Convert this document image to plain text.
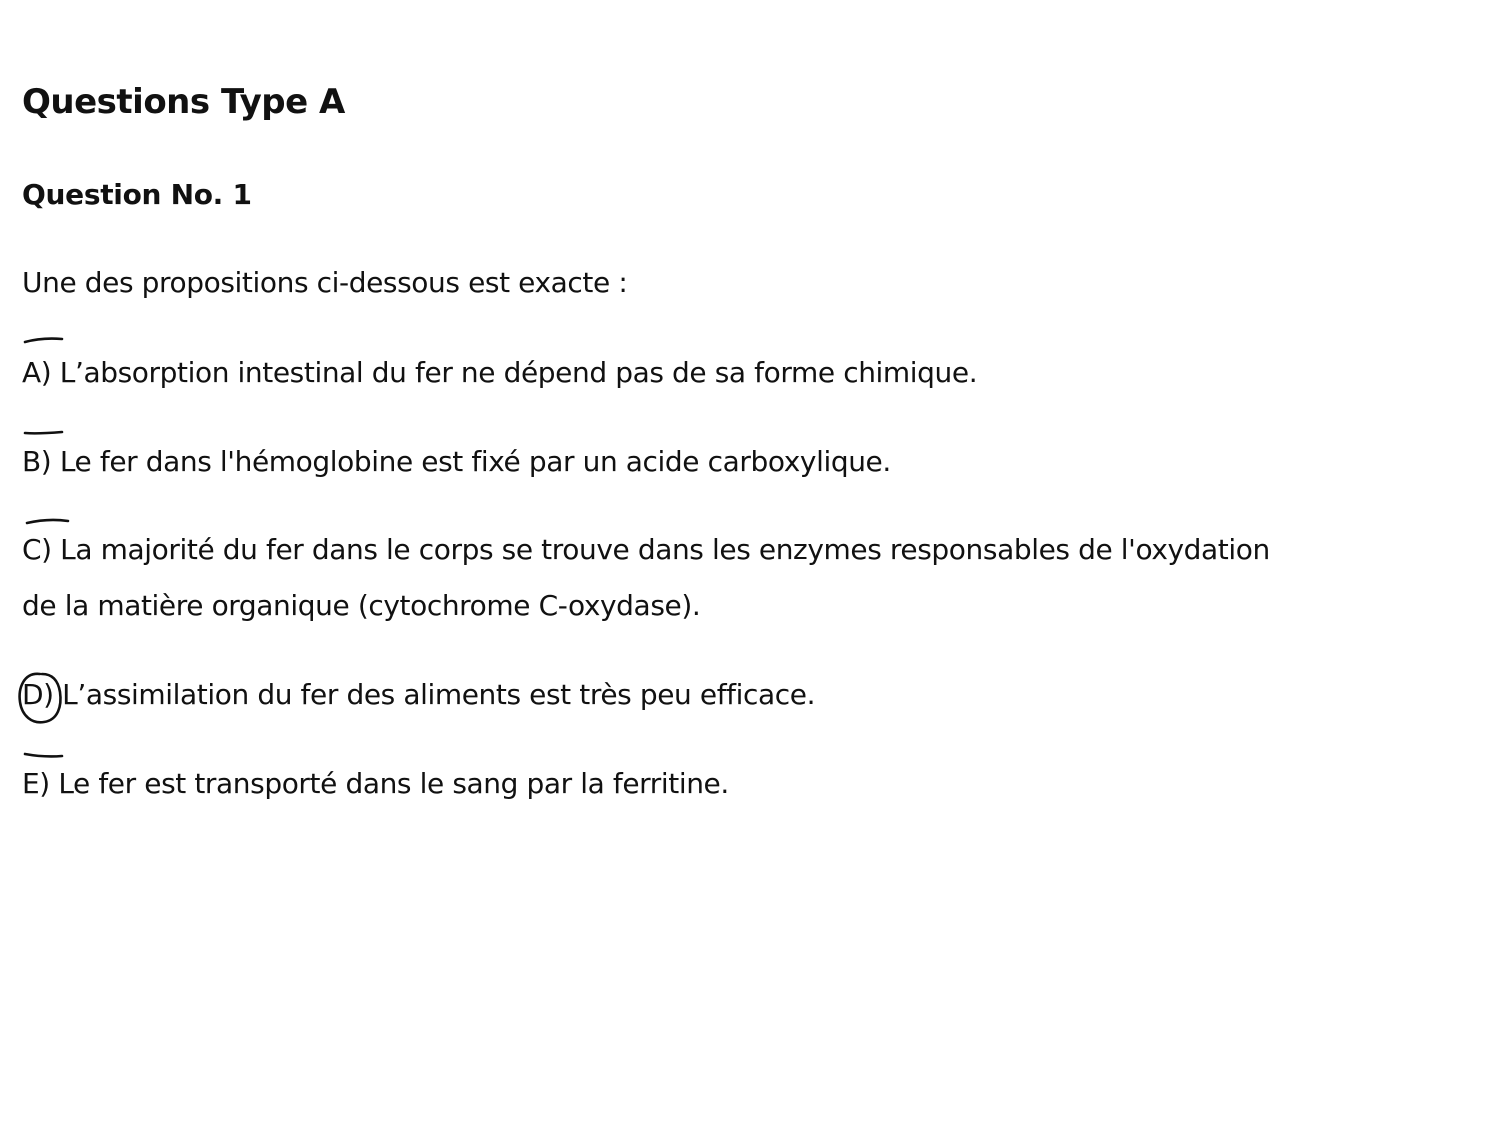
Questions Type A
Question No. 1

Une des propositions ci-dessous est exacte :

A) L’absorption intestinal du fer ne dépend pas de sa forme chimique.
B) Le fer dans l'hémoglobine est fixé par un acide carboxylique.
C) La majorité du fer dans le corps se trouve dans les enzymes responsables de l'oxydation
de la matière organique (cytochrome C-oxydase).
D) L’assimilation du fer des aliments est très peu efficace.
E) Le fer est transporté dans le sang par la ferritine.
